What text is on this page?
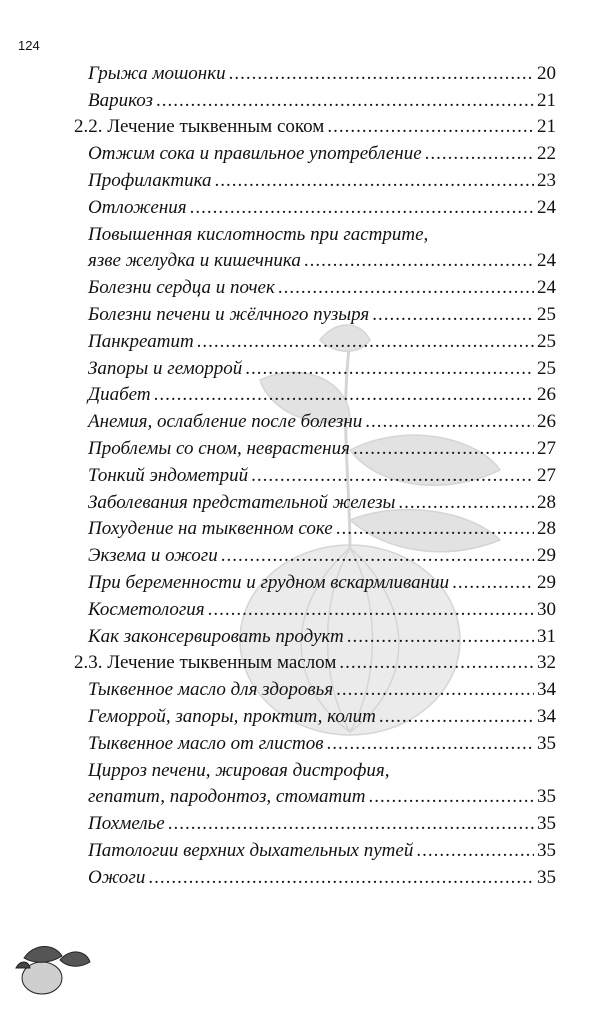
Грыжа мошонки .....	20
Варикоз .....	21
2.2. Лечение тыквенным соком .....	21
Отжим сока и правильное употребление .....	22
Профилактика .....	23
Отложения .....	24
Повышенная кислотность при гастрите,
язве желудка и кишечника .....	24
Болезни сердца и почек .....	24
Болезни печени и жёлчного пузыря .....	25
Панкреатит .....	25
Запоры и геморрой .....	25
Диабет .....	26
Анемия, ослабление после болезни .....	26
Проблемы со сном, неврастения .....	27
Тонкий эндометрий .....	27
Заболевания предстательной железы .....	28
Похудение на тыквенном соке .....	28
Экзема и ожоги .....	29
При беременности и грудном вскармливании .....	29
Косметология .....	30
Как законсервировать продукт .....	31
2.3. Лечение тыквенным маслом .....	32
Тыквенное масло для здоровья .....	34
Геморрой, запоры, проктит, колит .....	34
Тыквенное масло от глистов .....	35
Цирроз печени, жировая дистрофия,
гепатит, пародонтоз, стоматит .....	35
Похмелье .....	35
Патологии верхних дыхательных путей .....	35
Ожоги .....	35
124
